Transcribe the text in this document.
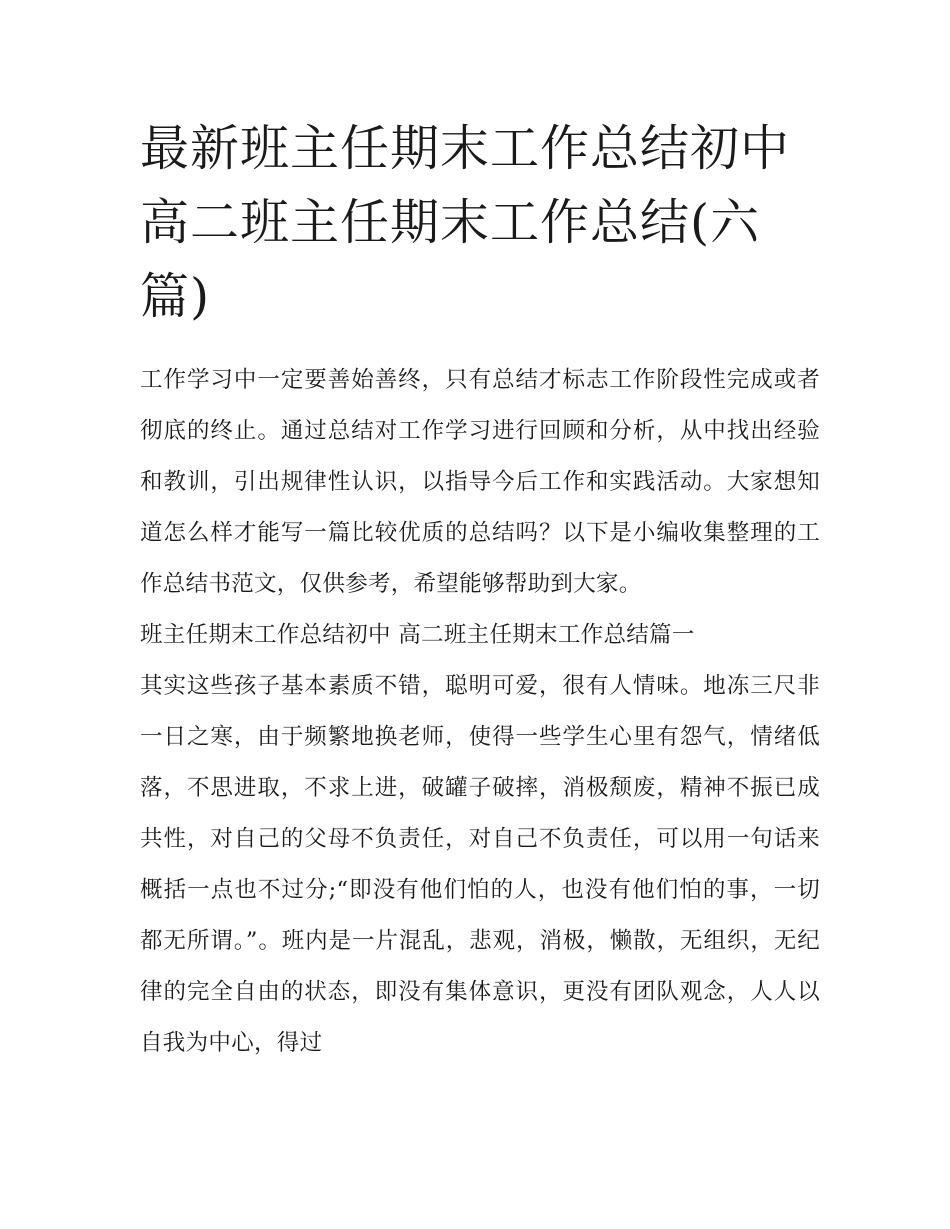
最新班主任期末工作总结初中 高二班主任期末工作总结(六篇)

工作学习中一定要善始善终，只有总结才标志工作阶段性完成或者彻底的终止。通过总结对工作学习进行回顾和分析，从中找出经验和教训，引出规律性认识，以指导今后工作和实践活动。大家想知道怎么样才能写一篇比较优质的总结吗？以下是小编收集整理的工作总结书范文，仅供参考，希望能够帮助到大家。

班主任期末工作总结初中 高二班主任期末工作总结篇一

其实这些孩子基本素质不错，聪明可爱，很有人情味。地冻三尺非一日之寒，由于频繁地换老师，使得一些学生心里有怨气，情绪低落，不思进取，不求上进，破罐子破摔，消极颓废，精神不振已成共性，对自己的父母不负责任，对自己不负责任，可以用一句话来概括一点也不过分;“即没有他们怕的人，也没有他们怕的事，一切都无所谓。”。班内是一片混乱，悲观，消极，懒散，无组织，无纪律的完全自由的状态，即没有集体意识，更没有团队观念，人人以自我为中心，得过
